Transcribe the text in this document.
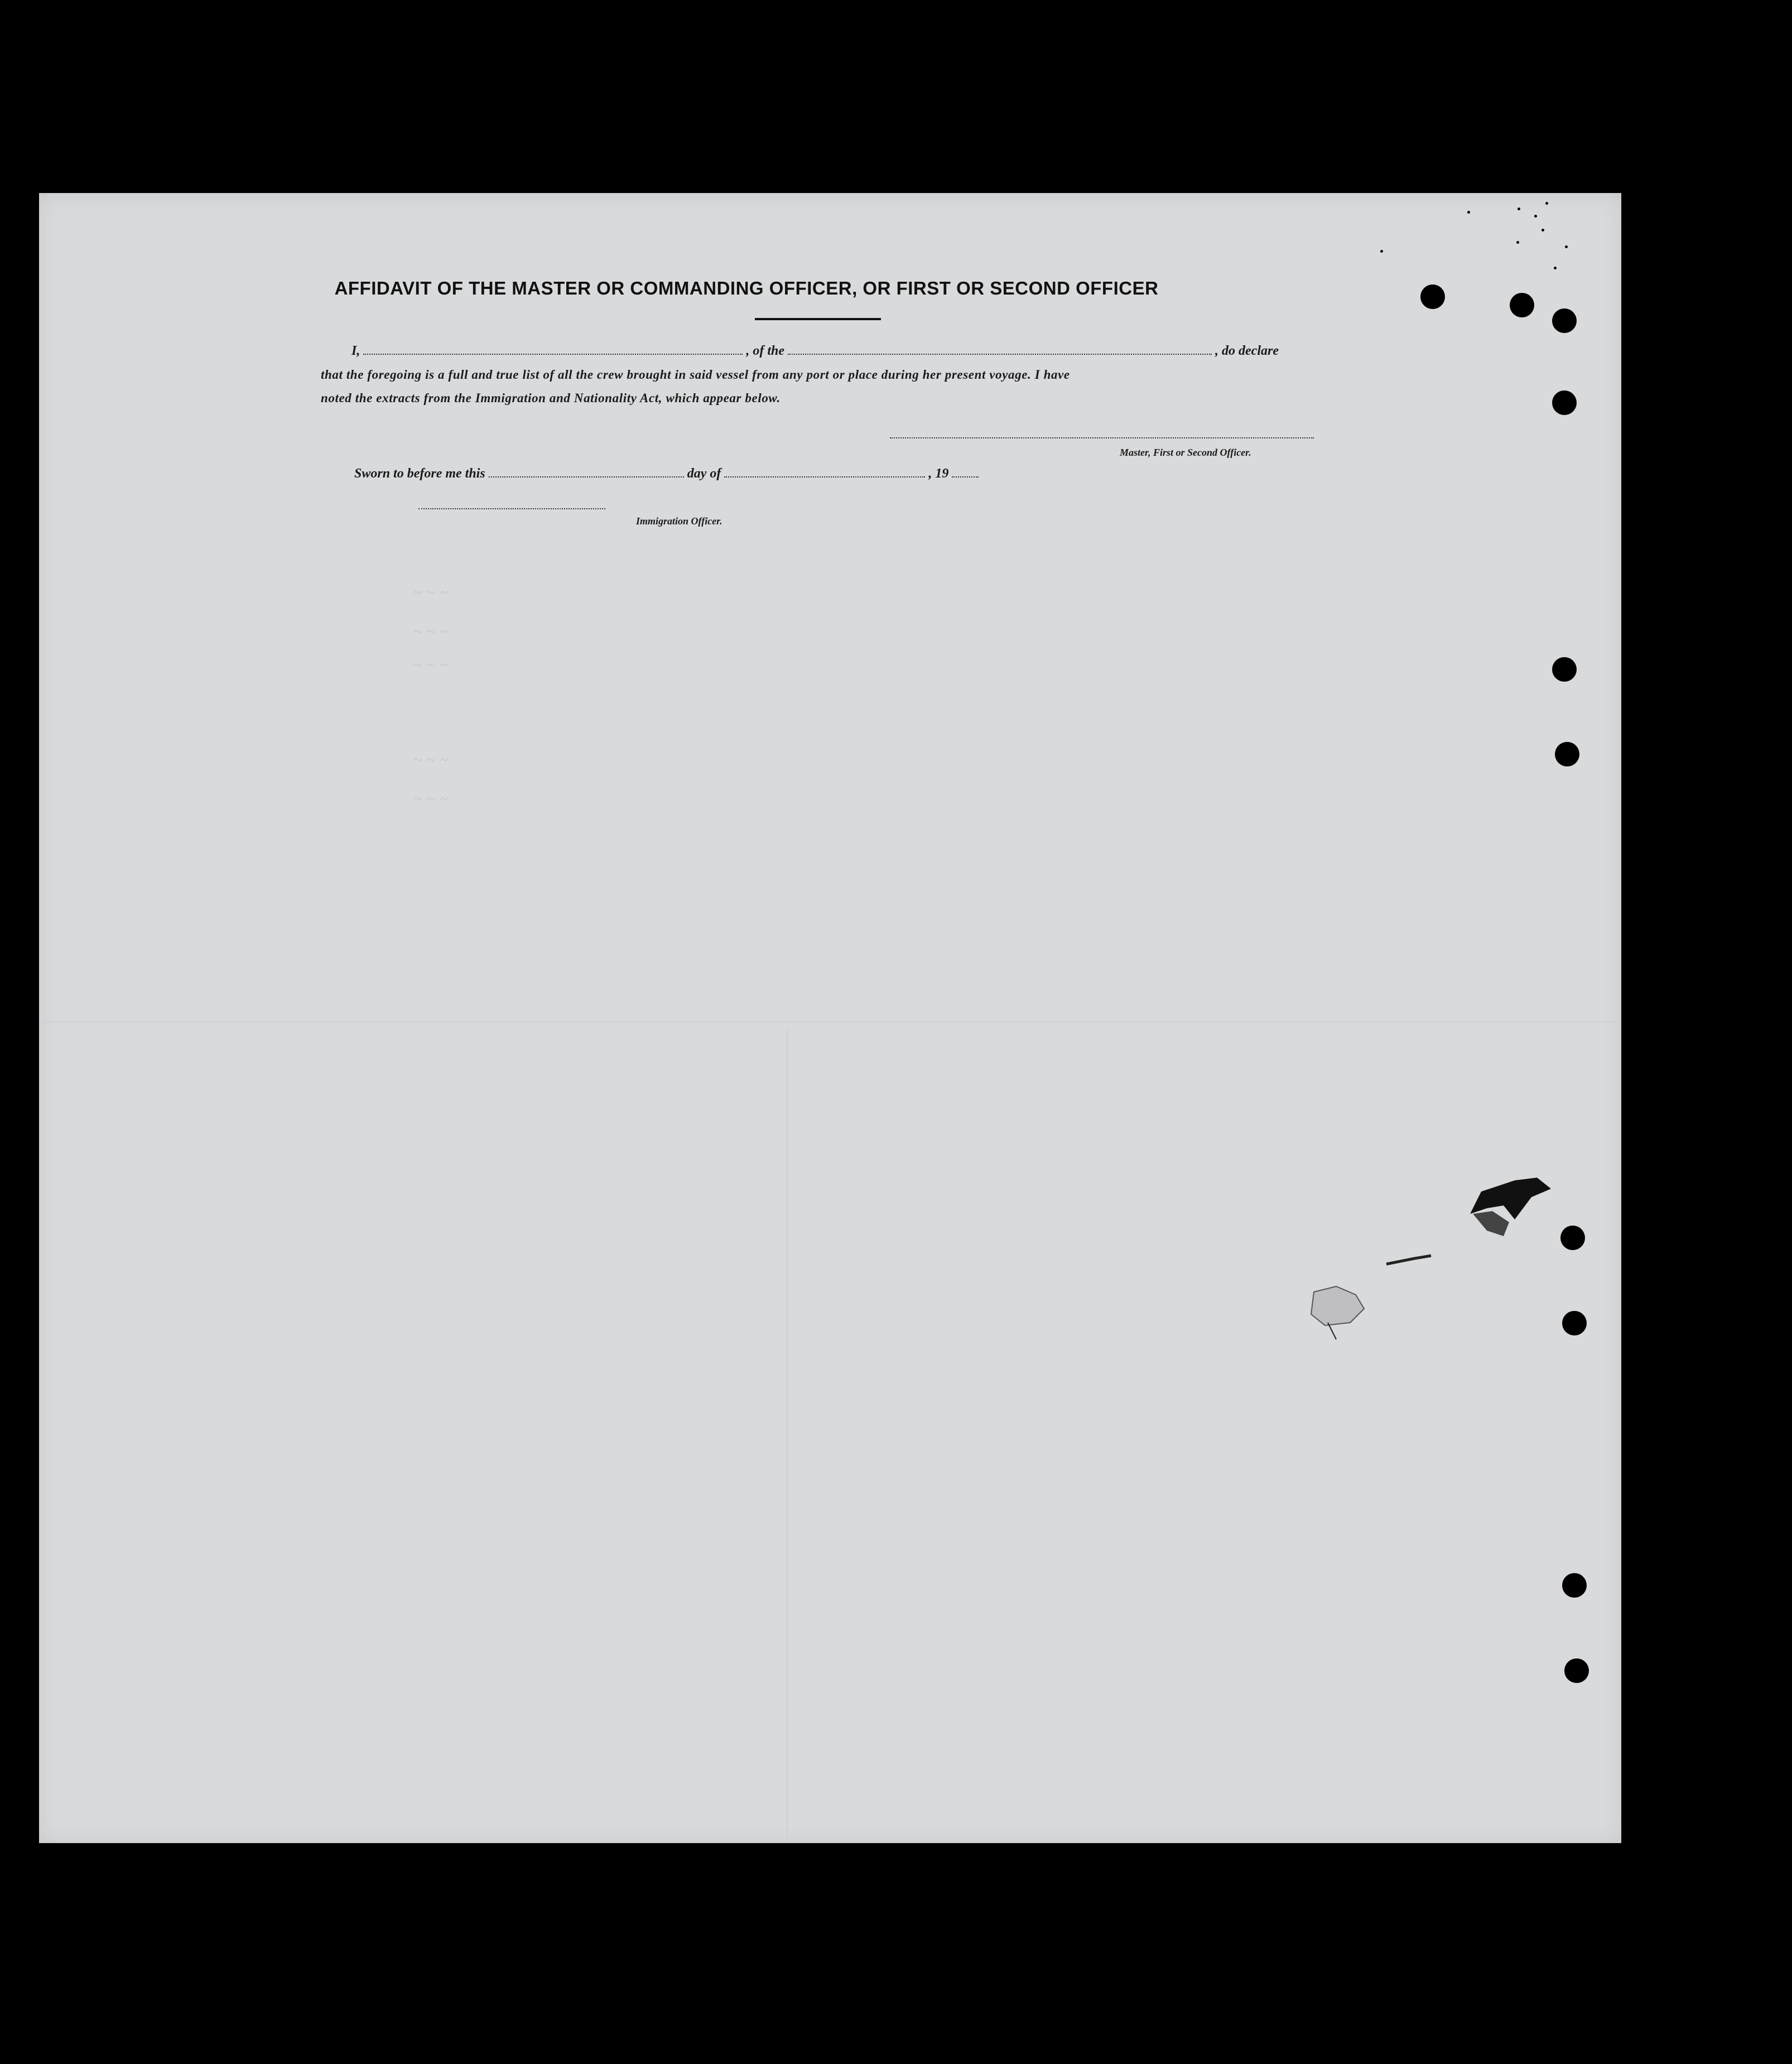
AFFIDAVIT OF THE MASTER OR COMMANDING OFFICER, OR FIRST OR SECOND OFFICER
I,	, of the	, do declare
that the foregoing is a full and true list of all the crew brought in said vessel from any port or place during her present voyage. I have
noted the extracts from the Immigration and Nationality Act, which appear below.
Master, First or Second Officer.
Sworn to before me this	day of	, 19
Immigration Officer.
~ ~ ~
~ ~ ~
~ ~ ~
~ ~ ~
~ ~ ~
